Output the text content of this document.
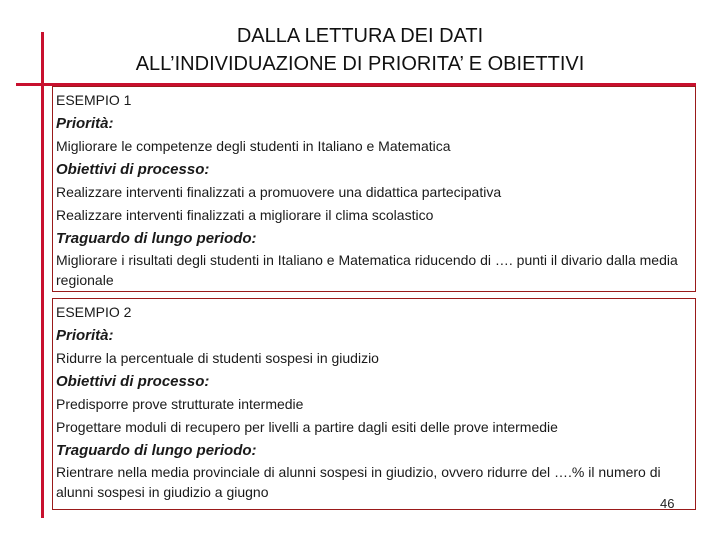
DALLA LETTURA DEI DATI
ALL’INDIVIDUAZIONE DI PRIORITA’ E OBIETTIVI
ESEMPIO 1
Priorità:
Migliorare le competenze degli studenti in Italiano e Matematica
Obiettivi di processo:
Realizzare interventi finalizzati a promuovere una didattica partecipativa
Realizzare interventi finalizzati a migliorare il clima scolastico
Traguardo di lungo periodo:
Migliorare i risultati degli studenti in Italiano e Matematica riducendo di …. punti il divario dalla media regionale
ESEMPIO 2
Priorità:
Ridurre la percentuale di studenti sospesi in giudizio
Obiettivi di processo:
Predisporre prove strutturate intermedie
Progettare moduli di recupero per livelli a partire dagli esiti delle prove intermedie
Traguardo di lungo periodo:
Rientrare nella media provinciale di alunni sospesi in giudizio, ovvero ridurre del ….% il numero di alunni sospesi in giudizio a giugno
46
